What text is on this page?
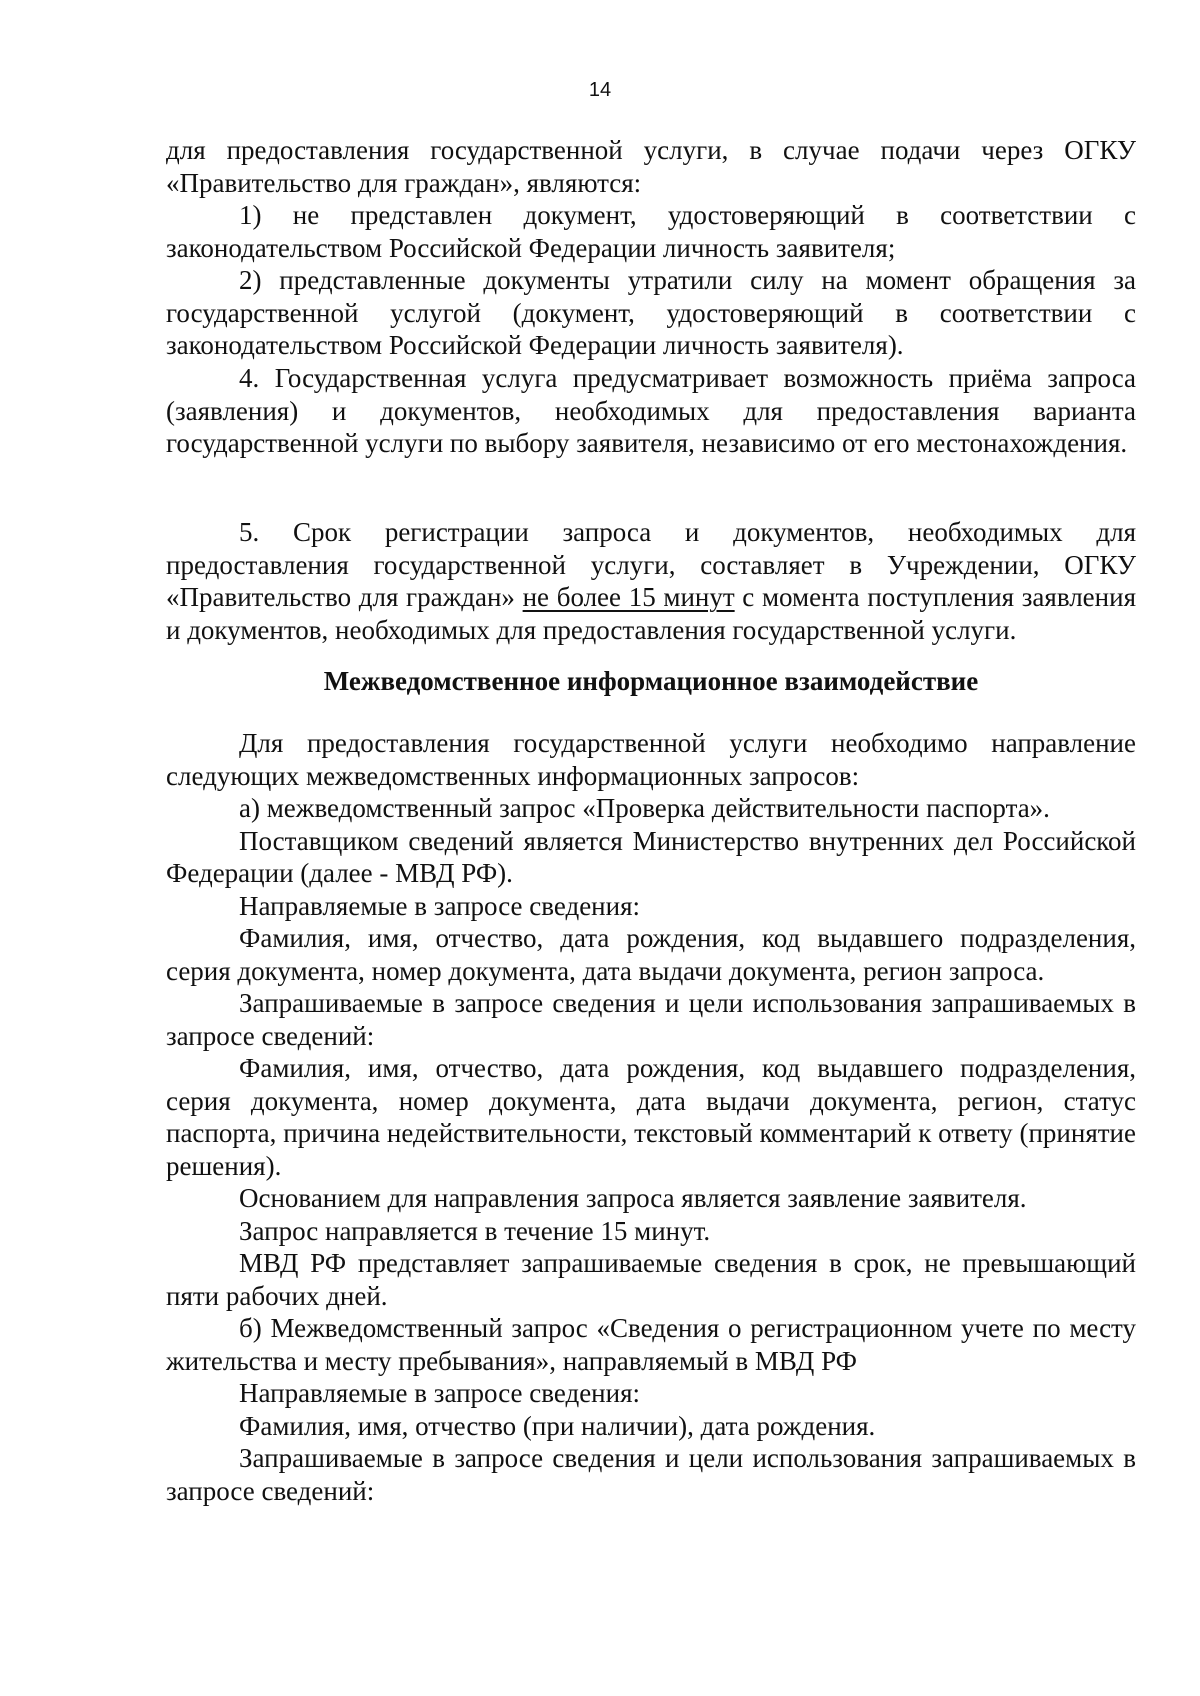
14

для предоставления государственной услуги, в случае подачи через ОГКУ «Правительство для граждан», являются:

1) не представлен документ, удостоверяющий в соответствии с законодательством Российской Федерации личность заявителя;

2) представленные документы утратили силу на момент обращения за государственной услугой (документ, удостоверяющий в соответствии с законодательством Российской Федерации личность заявителя).

4. Государственная услуга предусматривает возможность приёма запроса (заявления) и документов, необходимых для предоставления варианта государственной услуги по выбору заявителя, независимо от его местонахождения.

5. Срок регистрации запроса и документов, необходимых для предоставления государственной услуги, составляет в Учреждении, ОГКУ «Правительство для граждан» не более 15 минут с момента поступления заявления и документов, необходимых для предоставления государственной услуги.

Межведомственное информационное взаимодействие

Для предоставления государственной услуги необходимо направление следующих межведомственных информационных запросов:

а) межведомственный запрос «Проверка действительности паспорта».

Поставщиком сведений является Министерство внутренних дел Российской Федерации (далее - МВД РФ).

Направляемые в запросе сведения:

Фамилия, имя, отчество, дата рождения, код выдавшего подразделения, серия документа, номер документа, дата выдачи документа, регион запроса.

Запрашиваемые в запросе сведения и цели использования запрашиваемых в запросе сведений:

Фамилия, имя, отчество, дата рождения, код выдавшего подразделения, серия документа, номер документа, дата выдачи документа, регион, статус паспорта, причина недействительности, текстовый комментарий к ответу (принятие решения).

Основанием для направления запроса является заявление заявителя.

Запрос направляется в течение 15 минут.

МВД РФ представляет запрашиваемые сведения в срок, не превышающий пяти рабочих дней.

б) Межведомственный запрос «Сведения о регистрационном учете по месту жительства и месту пребывания», направляемый в МВД РФ

Направляемые в запросе сведения:

Фамилия, имя, отчество (при наличии), дата рождения.

Запрашиваемые в запросе сведения и цели использования запрашиваемых в запросе сведений:
